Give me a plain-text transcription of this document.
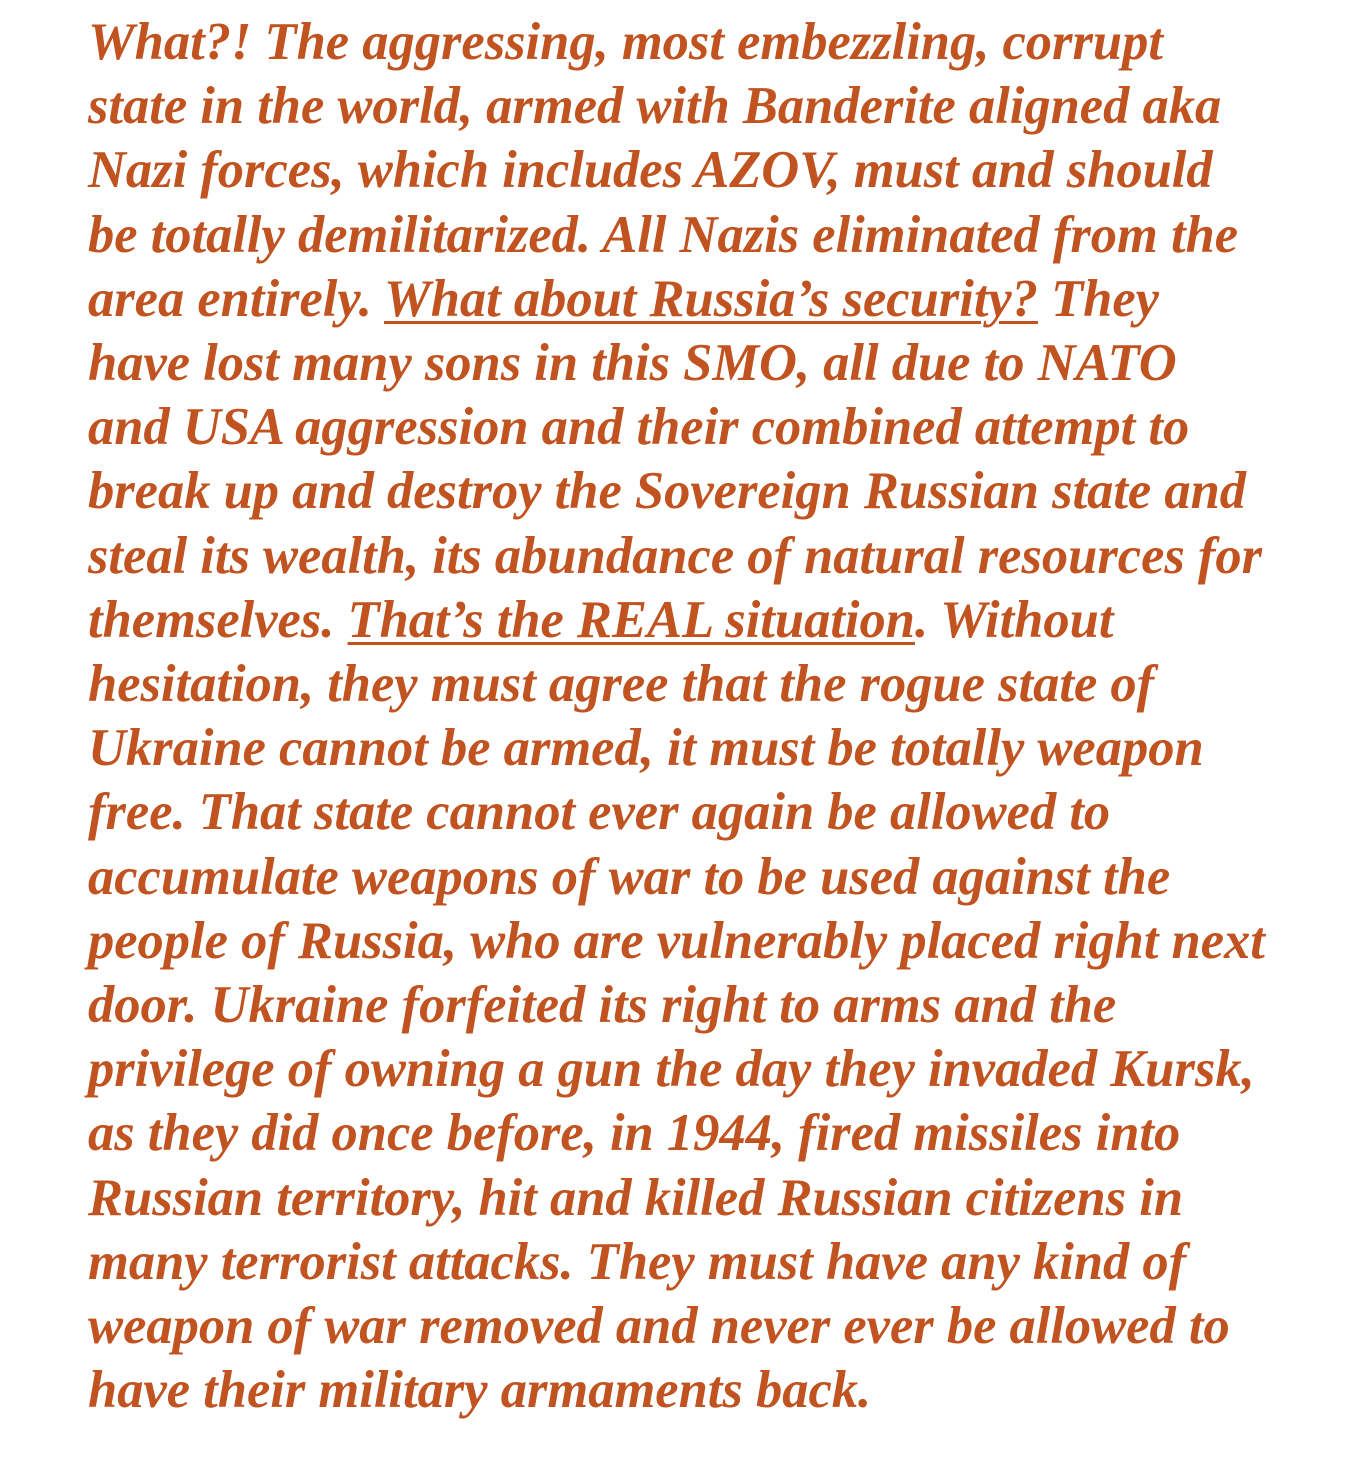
What?! The aggressing, most embezzling, corrupt
state in the world, armed with Banderite aligned aka
Nazi forces, which includes AZOV, must and should
be totally demilitarized. All Nazis eliminated from the
area entirely. What about Russia’s security? They
have lost many sons in this SMO, all due to NATO
and USA aggression and their combined attempt to
break up and destroy the Sovereign Russian state and
steal its wealth, its abundance of natural resources for
themselves. That’s the REAL situation. Without
hesitation, they must agree that the rogue state of
Ukraine cannot be armed, it must be totally weapon
free. That state cannot ever again be allowed to
accumulate weapons of war to be used against the
people of Russia, who are vulnerably placed right next
door. Ukraine forfeited its right to arms and the
privilege of owning a gun the day they invaded Kursk,
as they did once before, in 1944, fired missiles into
Russian territory, hit and killed Russian citizens in
many terrorist attacks. They must have any kind of
weapon of war removed and never ever be allowed to
have their military armaments back.
